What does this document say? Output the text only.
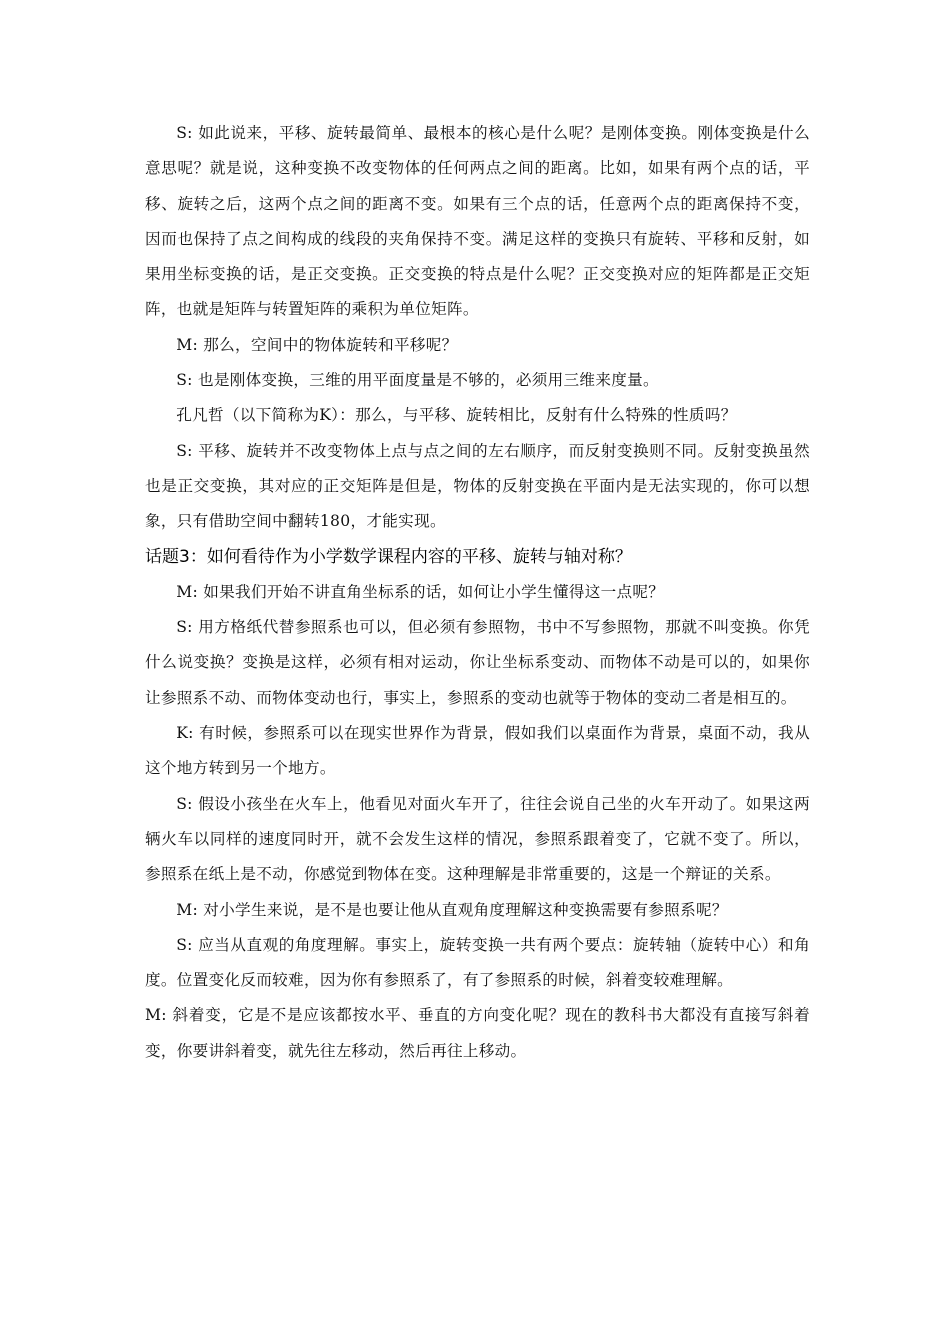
S: 如此说来，平移、旋转最简单、最根本的核心是什么呢？是刚体变换。刚体变换是什么意思呢？就是说，这种变换不改变物体的任何两点之间的距离。比如，如果有两个点的话，平移、旋转之后，这两个点之间的距离不变。如果有三个点的话，任意两个点的距离保持不变，因而也保持了点之间构成的线段的夹角保持不变。满足这样的变换只有旋转、平移和反射，如果用坐标变换的话，是正交变换。正交变换的特点是什么呢？正交变换对应的矩阵都是正交矩阵，也就是矩阵与转置矩阵的乘积为单位矩阵。

M: 那么，空间中的物体旋转和平移呢？

S: 也是刚体变换，三维的用平面度量是不够的，必须用三维来度量。

孔凡哲（以下简称为K）：那么，与平移、旋转相比，反射有什么特殊的性质吗？

S: 平移、旋转并不改变物体上点与点之间的左右顺序，而反射变换则不同。反射变换虽然也是正交变换，其对应的正交矩阵是但是，物体的反射变换在平面内是无法实现的，你可以想象，只有借助空间中翻转180，才能实现。

话题3：如何看待作为小学数学课程内容的平移、旋转与轴对称？

M: 如果我们开始不讲直角坐标系的话，如何让小学生懂得这一点呢？

S: 用方格纸代替参照系也可以，但必须有参照物，书中不写参照物，那就不叫变换。你凭什么说变换？变换是这样，必须有相对运动，你让坐标系变动、而物体不动是可以的，如果你让参照系不动、而物体变动也行，事实上，参照系的变动也就等于物体的变动二者是相互的。

K: 有时候，参照系可以在现实世界作为背景，假如我们以桌面作为背景，桌面不动，我从这个地方转到另一个地方。

S: 假设小孩坐在火车上，他看见对面火车开了，往往会说自己坐的火车开动了。如果这两辆火车以同样的速度同时开，就不会发生这样的情况，参照系跟着变了，它就不变了。所以，参照系在纸上是不动，你感觉到物体在变。这种理解是非常重要的，这是一个辩证的关系。

M: 对小学生来说，是不是也要让他从直观角度理解这种变换需要有参照系呢？

S: 应当从直观的角度理解。事实上，旋转变换一共有两个要点：旋转轴（旋转中心）和角度。位置变化反而较难，因为你有参照系了，有了参照系的时候，斜着变较难理解。

M: 斜着变，它是不是应该都按水平、垂直的方向变化呢？现在的教科书大都没有直接写斜着变，你要讲斜着变，就先往左移动，然后再往上移动。
